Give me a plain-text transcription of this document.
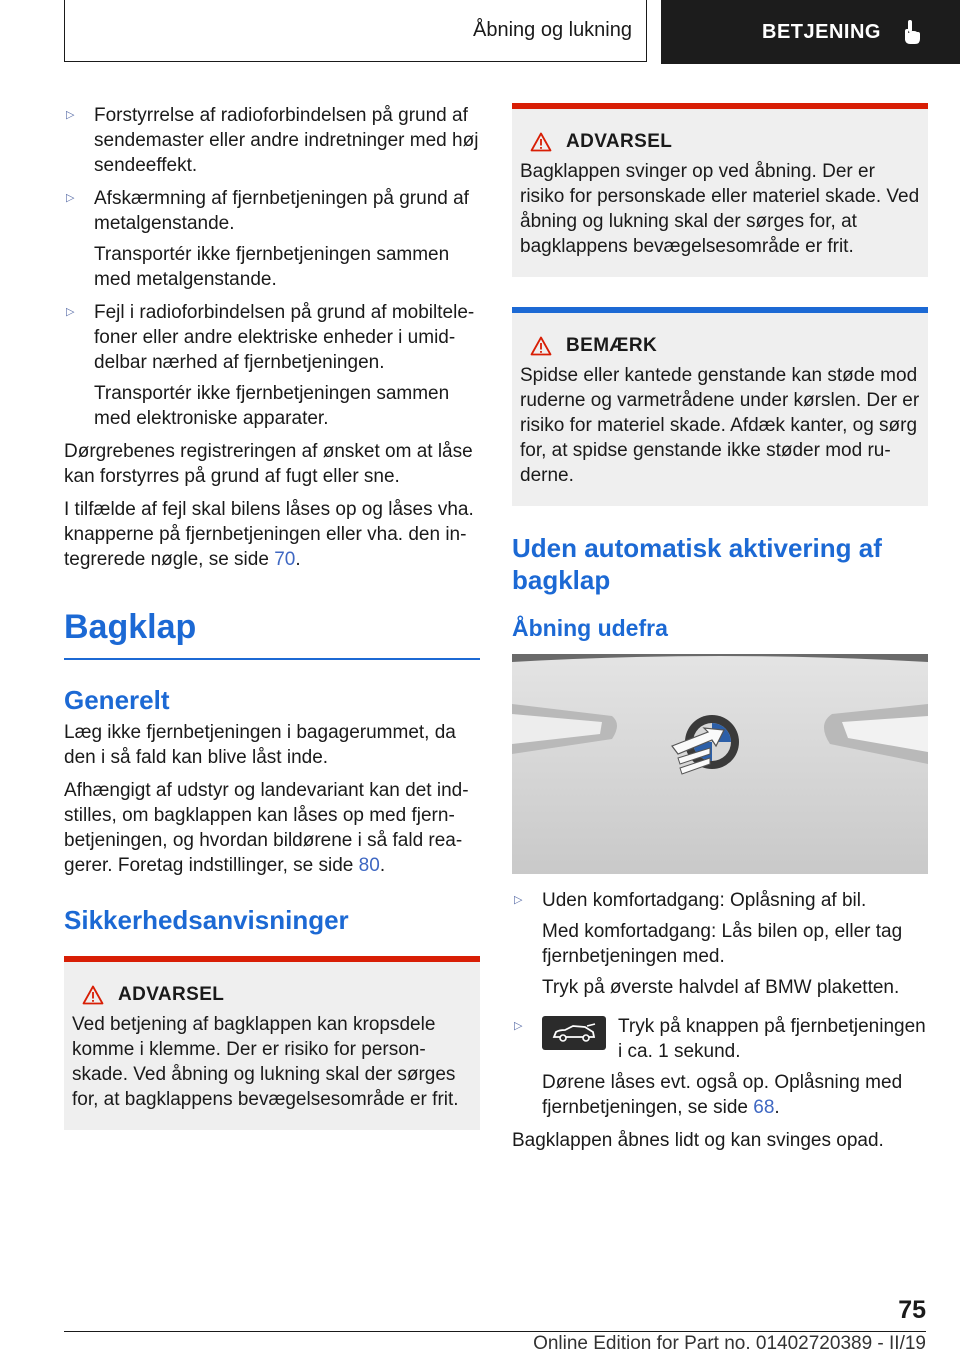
Åbning og lukning	BETJENING
▷	Forstyrrelse af radioforbindelsen på grund af sendemaster eller andre indretninger med høj sendeeffekt.

▷	Afskærmning af fjernbetjeningen på grund af metalgenstande.

Transportér ikke fjernbetjeningen sammen med metalgenstande.

▷	Fejl i radioforbindelsen på grund af mobiltelefoner eller andre elektriske enheder i umiddelbar nærhed af fjernbetjeningen.

Transportér ikke fjernbetjeningen sammen med elektroniske apparater.

Dørgrebenes registreringen af ønsket om at låse kan forstyrres på grund af fugt eller sne.

I tilfælde af fejl skal bilens låses op og låses vha. knapperne på fjernbetjeningen eller vha. den integrerede nøgle, se side 70.

Bagklap
Generelt

Læg ikke fjernbetjeningen i bagagerummet, da den i så fald kan blive låst inde.

Afhængigt af udstyr og landevariant kan det indstilles, om bagklappen kan låses op med fjernbetjeningen, og hvordan bildørene i så fald reagerer. Foretag indstillinger, se side 80.

Sikkerhedsanvisninger
ADVARSEL

Ved betjening af bagklappen kan kropsdele komme i klemme. Der er risiko for personskade. Ved åbning og lukning skal der sørges for, at bagklappens bevægelsesområde er frit.

ADVARSEL

Bagklappen svinger op ved åbning. Der er risiko for personskade eller materiel skade. Ved åbning og lukning skal der sørges for, at bagklappens bevægelsesområde er frit.

BEMÆRK

Spidse eller kantede genstande kan støde mod ruderne og varmetrådene under kørslen. Der er risiko for materiel skade. Afdæk kanter, og sørg for, at spidse genstande ikke støder mod ruderne.

Uden automatisk aktivering af bagklap
Åbning udefra
▷	Uden komfortadgang: Oplåsning af bil.

Med komfortadgang: Lås bilen op, eller tag fjernbetjeningen med.

Tryk på øverste halvdel af BMW plaketten.

▷	Tryk på knappen på fjernbetjeningen i ca. 1 sekund.

Dørene låses evt. også op. Oplåsning med fjernbetjeningen, se side 68.

Bagklappen åbnes lidt og kan svinges opad.

75
Online Edition for Part no. 01402720389 - II/19
